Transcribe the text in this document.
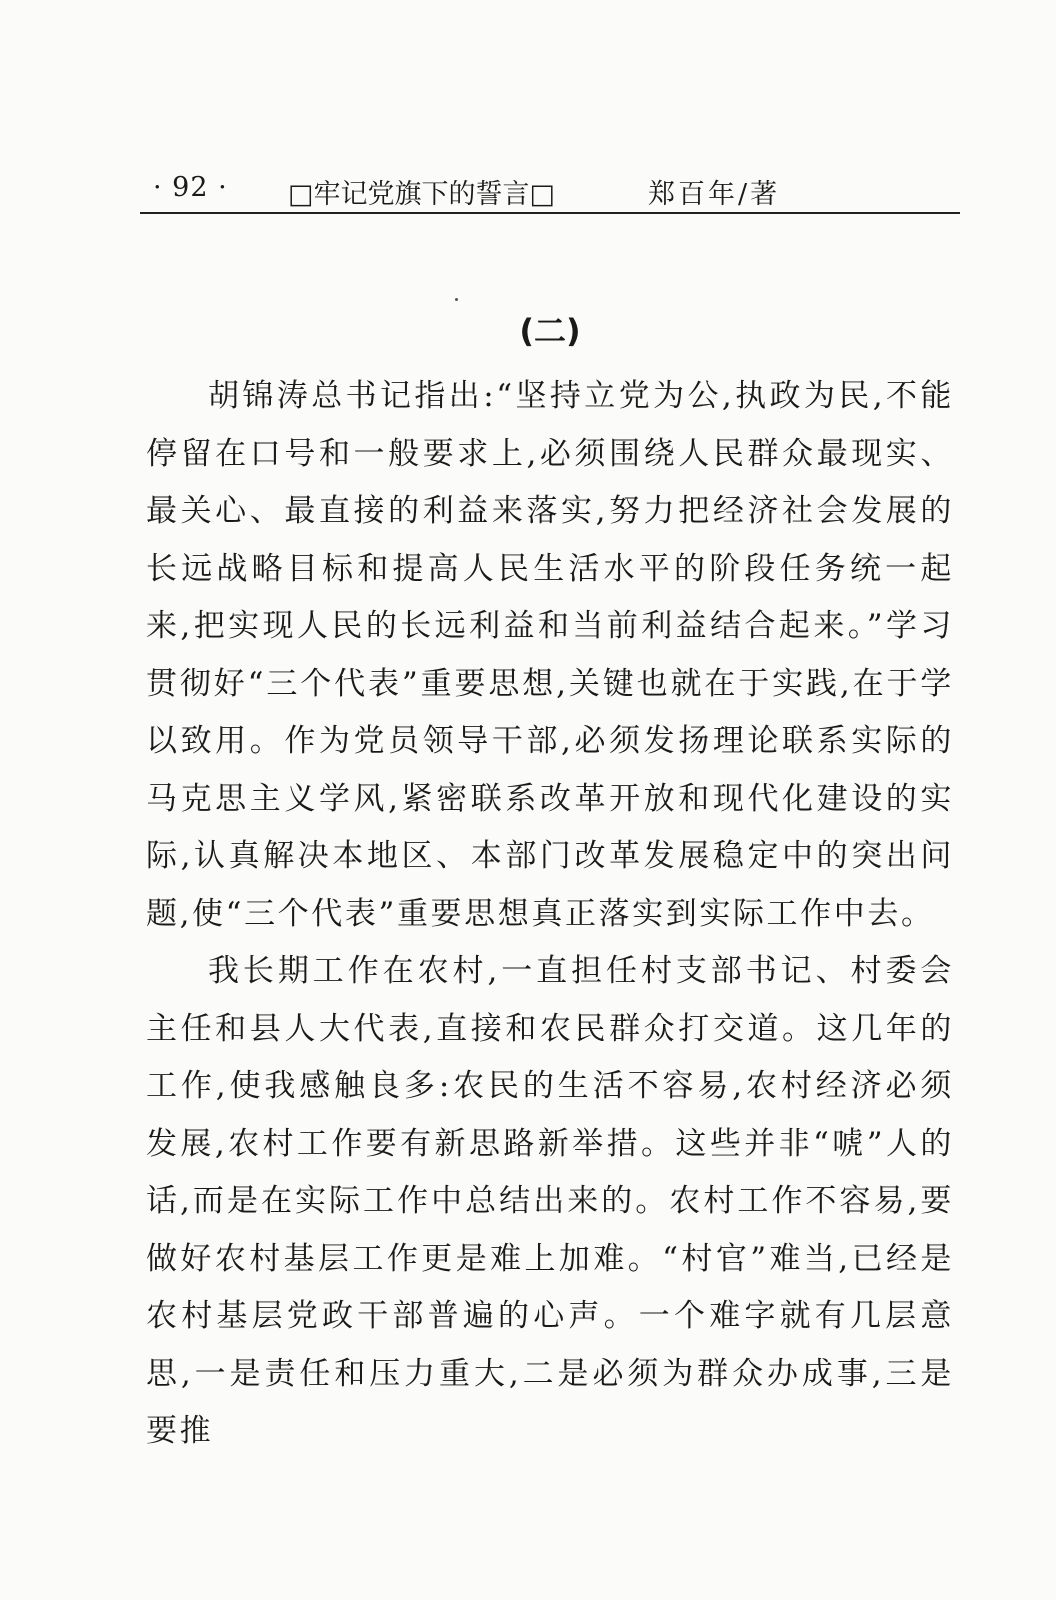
· 92 · □牢记党旗下的誓言□	郑百年/著
(二)

胡锦涛总书记指出:“坚持立党为公,执政为民,不能停留在口号和一般要求上,必须围绕人民群众最现实、最关心、最直接的利益来落实,努力把经济社会发展的长远战略目标和提高人民生活水平的阶段任务统一起来,把实现人民的长远利益和当前利益结合起来。”学习贯彻好“三个代表”重要思想,关键也就在于实践,在于学以致用。作为党员领导干部,必须发扬理论联系实际的马克思主义学风,紧密联系改革开放和现代化建设的实际,认真解决本地区、本部门改革发展稳定中的突出问题,使“三个代表”重要思想真正落实到实际工作中去。

我长期工作在农村,一直担任村支部书记、村委会主任和县人大代表,直接和农民群众打交道。这几年的工作,使我感触良多:农民的生活不容易,农村经济必须发展,农村工作要有新思路新举措。这些并非“唬”人的话,而是在实际工作中总结出来的。农村工作不容易,要做好农村基层工作更是难上加难。“村官”难当,已经是农村基层党政干部普遍的心声。一个难字就有几层意思,一是责任和压力重大,二是必须为群众办成事,三是要推
